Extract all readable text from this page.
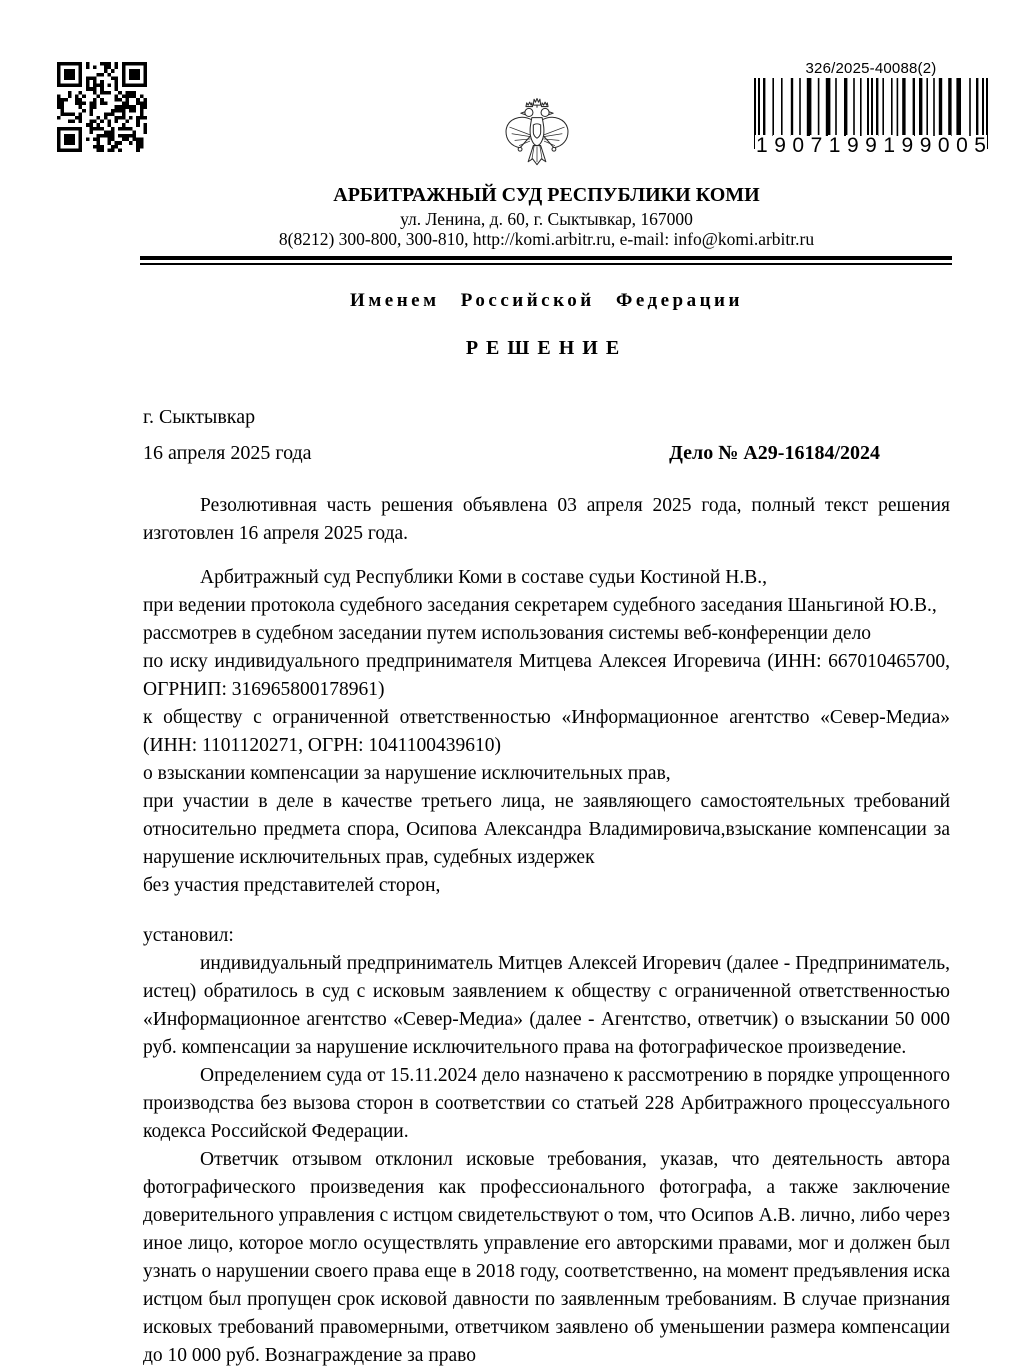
326/2025-40088(2)
1 9 0 7 1 9 9 1 9 9 0 0 5
АРБИТРАЖНЫЙ СУД РЕСПУБЛИКИ КОМИ
ул. Ленина, д. 60, г. Сыктывкар, 167000
8(8212) 300-800, 300-810, http://komi.arbitr.ru, e-mail: info@komi.arbitr.ru
Именем Российской Федерации
РЕШЕНИЕ
г. Сыктывкар
16 апреля 2025 года	Дело № А29-16184/2024

Резолютивная часть решения объявлена 03 апреля 2025 года, полный текст решения изготовлен 16 апреля 2025 года.

Арбитражный суд Республики Коми в составе судьи Костиной Н.В.,

при ведении протокола судебного заседания секретарем судебного заседания Шаньгиной Ю.В.,

рассмотрев в судебном заседании путем использования системы веб-конференции дело

по иску индивидуального предпринимателя Митцева Алексея Игоревича (ИНН: 667010465700, ОГРНИП: 316965800178961)

к обществу с ограниченной ответственностью «Информационное агентство «Север-Медиа» (ИНН: 1101120271, ОГРН: 1041100439610)

о взыскании компенсации за нарушение исключительных прав,

при участии в деле в качестве третьего лица, не заявляющего самостоятельных требований относительно предмета спора, Осипова Александра Владимировича,взыскание компенсации за нарушение исключительных прав, судебных издержек

без участия представителей сторон,

установил:

индивидуальный предприниматель Митцев Алексей Игоревич (далее - Предприниматель, истец) обратилось в суд с исковым заявлением к обществу с ограниченной ответственностью «Информационное агентство «Север-Медиа» (далее - Агентство, ответчик) о взыскании 50 000 руб. компенсации за нарушение исключительного права на фотографическое произведение.

Определением суда от 15.11.2024 дело назначено к рассмотрению в порядке упрощенного производства без вызова сторон в соответствии со статьей 228 Арбитражного процессуального кодекса Российской Федерации.

Ответчик отзывом отклонил исковые требования, указав, что деятельность автора фотографического произведения как профессионального фотографа, а также заключение доверительного управления с истцом свидетельствуют о том, что Осипов А.В. лично, либо через иное лицо, которое могло осуществлять управление его авторскими правами, мог и должен был узнать о нарушении своего права еще в 2018 году, соответственно, на момент предъявления иска истцом был пропущен срок исковой давности по заявленным требованиям. В случае признания исковых требований правомерными, ответчиком заявлено об уменьшении размера компенсации до 10 000 руб. Вознаграждение за право
